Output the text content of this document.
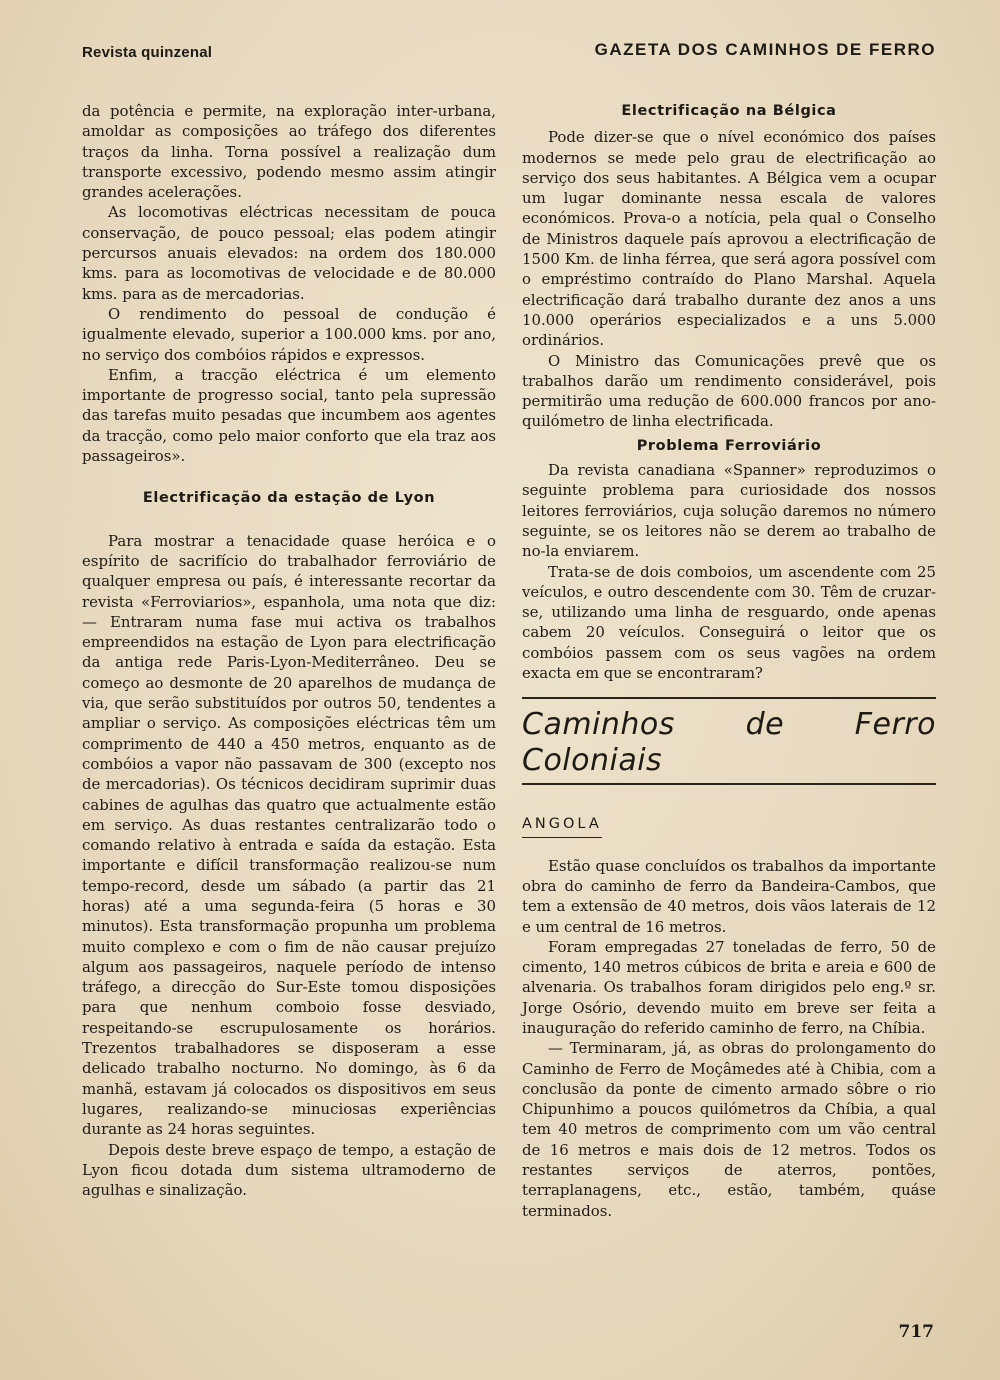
Revista quinzenal	GAZETA DOS CAMINHOS DE FERRO

da potência e permite, na exploração inter-urbana, amoldar as composições ao tráfego dos diferentes traços da linha. Torna possível a realização dum transporte excessivo, podendo mesmo assim atingir grandes acelerações.

As locomotivas eléctricas necessitam de pouca conservação, de pouco pessoal; elas podem atingir percursos anuais elevados: na ordem dos 180.000 kms. para as locomotivas de velocidade e de 80.000 kms. para as de mercadorias.

O rendimento do pessoal de condução é igualmente elevado, superior a 100.000 kms. por ano, no serviço dos combóios rápidos e expressos.

Enfim, a tracção eléctrica é um elemento importante de progresso social, tanto pela supressão das tarefas muito pesadas que incumbem aos agentes da tracção, como pelo maior conforto que ela traz aos passageiros».

Electrificação da estação de Lyon

Para mostrar a tenacidade quase heróica e o espírito de sacrifício do trabalhador ferroviário de qualquer empresa ou país, é interessante recortar da revista «Ferroviarios», espanhola, uma nota que diz: — Entraram numa fase mui activa os trabalhos empreendidos na estação de Lyon para electrificação da antiga rede Paris-Lyon-Mediterrâneo. Deu se começo ao desmonte de 20 aparelhos de mudança de via, que serão substituídos por outros 50, tendentes a ampliar o serviço. As composições eléctricas têm um comprimento de 440 a 450 metros, enquanto as de combóios a vapor não passavam de 300 (excepto nos de mercadorias). Os técnicos decidiram suprimir duas cabines de agulhas das quatro que actualmente estão em serviço. As duas restantes centralizarão todo o comando relativo à entrada e saída da estação. Esta importante e difícil transformação realizou-se num tempo-record, desde um sábado (a partir das 21 horas) até a uma segunda-feira (5 horas e 30 minutos). Esta transformação propunha um problema muito complexo e com o fim de não causar prejuízo algum aos passageiros, naquele período de intenso tráfego, a direcção do Sur-Este tomou disposições para que nenhum comboio fosse desviado, respeitando-se escrupulosamente os horários. Trezentos trabalhadores se disposeram a esse delicado trabalho nocturno. No domingo, às 6 da manhã, estavam já colocados os dispositivos em seus lugares, realizando-se minuciosas experiências durante as 24 horas seguintes.

Depois deste breve espaço de tempo, a estação de Lyon ficou dotada dum sistema ultramoderno de agulhas e sinalização.

Electrificação na Bélgica

Pode dizer-se que o nível económico dos países modernos se mede pelo grau de electrificação ao serviço dos seus habitantes. A Bélgica vem a ocupar um lugar dominante nessa escala de valores económicos. Prova-o a notícia, pela qual o Conselho de Ministros daquele país aprovou a electrificação de 1500 Km. de linha férrea, que será agora possível com o empréstimo contraído do Plano Marshal. Aquela electrificação dará trabalho durante dez anos a uns 10.000 operários especializados e a uns 5.000 ordinários.

O Ministro das Comunicações prevê que os trabalhos darão um rendimento considerável, pois permitirão uma redução de 600.000 francos por ano-quilómetro de linha electrificada.

Problema Ferroviário

Da revista canadiana «Spanner» reproduzimos o seguinte problema para curiosidade dos nossos leitores ferroviários, cuja solução daremos no número seguinte, se os leitores não se derem ao trabalho de no-la enviarem.

Trata-se de dois comboios, um ascendente com 25 veículos, e outro descendente com 30. Têm de cruzar-se, utilizando uma linha de resguardo, onde apenas cabem 20 veículos. Conseguirá o leitor que os combóios passem com os seus vagões na ordem exacta em que se encontraram?

Caminhos de Ferro Coloniais
ANGOLA

Estão quase concluídos os trabalhos da importante obra do caminho de ferro da Bandeira-Cambos, que tem a extensão de 40 metros, dois vãos laterais de 12 e um central de 16 metros.

Foram empregadas 27 toneladas de ferro, 50 de cimento, 140 metros cúbicos de brita e areia e 600 de alvenaria. Os trabalhos foram dirigidos pelo eng.º sr. Jorge Osório, devendo muito em breve ser feita a inauguração do referido caminho de ferro, na Chíbia.

— Terminaram, já, as obras do prolongamento do Caminho de Ferro de Moçâmedes até à Chibia, com a conclusão da ponte de cimento armado sôbre o rio Chipunhimo a poucos quilómetros da Chíbia, a qual tem 40 metros de comprimento com um vão central de 16 metros e mais dois de 12 metros. Todos os restantes serviços de aterros, pontões, terraplanagens, etc., estão, também, quáse terminados.

717
